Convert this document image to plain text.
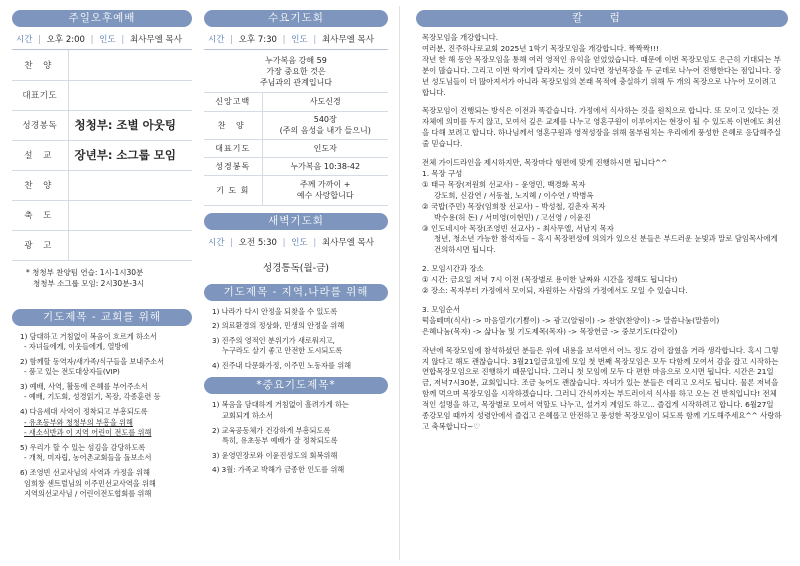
주일오후예배
시간 | 오후 2:00 | 인도 | 최사무엘 목사
찬 양	
대표기도	
성경봉독	청청부: 조별 아웃팅
설 교	장년부: 소그룹 모임
찬 양	
축 도	
광 고	
* 청청부 찬양팀 연습: 1시-1시30분
청청부 소그룹 모임: 2시30분-3시
기도제목 - 교회를 위해
1) 담대하고 거침없이 복음이 흐르게 하소서
- 자녀들에게, 이웃들에게, 열방에
2) 함께할 동역자/새가족/식구들을 보내주소서
- 품고 있는 전도대상자들(VIP)
3) 예배, 사역, 활동에 은혜를 부어주소서
- 예배, 기도회, 성경읽기, 목장, 각종훈련 등
4) 다음세대 사역이 정착되고 부흥되도록
- 유초등부와 청청부의 부흥을 위해
- 새소식반과 이 지역 어린이 전도를 위해
5) 우리가 할 수 있는 섬김을 감당하도록
- 개척, 미자립, 농어촌교회들을 돌보소서
6) 조영빈 선교사님의 사역과 가정을 위해
임희창 센트럴님의 이주민선교사역을 위해
지역의선교사님 / 어린이전도협회를 위해
수요기도회
시간 | 오후 7:30 | 인도 | 최사무엘 목사
누가복음 강해 59
가장 중요한 것은
주님과의 관계입니다
신앙고백	사도신경
찬 양	540장
(주의 음성을 내가 들으니)

대표기도	인도자
성경봉독	누가복음 10:38-42
기 도 회	주께 가까이 +
예수 사랑합니다
새벽기도회
시간 | 오전 5:30 | 인도 | 최사무엘 목사
성경통독(월-금)
기도제목 - 지역,나라를 위해
1) 나라가 다시 안정을 되찾을 수 있도록
2) 의료환경의 정상화, 민생의 안정을 위해
3) 진주의 영적인 분위기가 새로워지고,
누구라도 살기 좋고 안전한 도시되도록
4) 진주내 다문화가정, 이주민 노동자를 위해
*중요기도제목*
1) 복음을 담대하게 거침없이 흘려가게 하는
교회되게 하소서
2) 교육공동체가 건강하게 부흥되도록
특히, 유초등부 예배가 잘 정착되도록
3) 윤영민장로와 이윤진성도의 회복위해
4) 3월: 가족교 박해가 금종한 인도를 위해
칼 럼
목장모임을 개강합니다.
여러분, 진주하나로교회 2025년 1학기 목장모임을 개강합니다. 짝짝짝!!!

작년 한 해 동안 목장모임을 통해 여러 영적인 유익을 얻었었습니다. 때문에 이번 목장모임도 은근히 기대되는 부분이 많습니다. 그리고 이번 학기에 달라지는 것이 있다면 장년목장을 두 군데로 나누어 진행한다는 점입니다. 장년 성도님들이 더 많아져서가 아니라 목장모임의 본래 목적에 충실하기 위해 두 개의 목장으로 나누어 모이려고 합니다.

목장모임이 진행되는 방식은 이전과 똑같습니다. 가정에서 식사하는 것을 원칙으로 합니다. 또 모이고 있다는 것 자체에 의미를 두지 않고, 모여서 깊은 교제를 나누고 영혼구원이 이루어지는 현장이 될 수 있도록 이번에도 최선을 다해 보려고 합니다. 하나님께서 영혼구원과 영적성장을 위해 몸부림치는 우리에게 풍성한 은혜로 응답해주실 줄 믿습니다.

전체 가이드라인을 제시하지만, 목장마다 형편에 맞게 진행하시면 됩니다^^
1. 목장 구성
① 태극 목장(저원희 선교사) – 윤영민, 백경화 목자
강도희, 신감연 / 서동철, 노지혜 / 이수연 / 박병옥
② 국밥(주민) 목장(임희창 선교사) – 박성철, 김춘자 목자
박수용(허 돈) / 서미영(이현민) / 고선영 / 이윤진
③ 인도네시아 목장(조영빈 선교사) – 최사무엘, 서남지 목자

청년, 청소년 가능한 참석자들 – 혹시 목장편성에 의의가 있으신 분들은 부드러운 눈빛과 말로 담임목사에게 건의하시면 됩니다.

2. 모임시간과 장소
① 시간: 금요일 저녁 7시 이전 (목장별로 용이한 날짜와 시간을 정해도 됩니다!)

② 장소: 목자부터 가정에서 모이되, 자원하는 사람의 가정에서도 모일 수 있습니다.

3. 모임순서
떡을떼며(식사) -> 마음열기(기쁨이) -> 광고(알림이) -> 찬양(찬양이) -> 말씀나눔(말씀이)

은혜나눔(목자) -> 삶나눔 및 기도제목(목자) -> 목장헌금 -> 중보기도(다같이)

작년에 목장모임에 참석하셨던 분들은 위에 내용을 보셔면서 어느 정도 감이 잡혔을 거라 생각합니다. 혹시 그렇지 않다고 해도 괜찮습니다. 3월21일금요일에 모일 첫 번째 목장모임은 모두 다함께 모여서 감을 잡고 시작하는 연합목장모임으로 진행하기 때문입니다. 그러니 첫 모임에 모두 다 편한 마음으로 오시면 됩니다. 시간은 21일금, 저녁7시30분, 교회입니다. 조금 늦어도 괜찮습니다. 자녀가 있는 분들은 데리고 오셔도 됩니다. 물론 저녁을 함께 먹으며 목장모임을 시작하겠습니다. 그러니 간식까지는 부드러이셔 식사를 하고 오는 건 반칙입니다! 전체적인 설명을 하고, 목장별로 모여서 역할도 나누고, 설거지 계임도 하고... 즐겁게 시작하려고 합니다. 6월27일 종강모임 때까지 성령안에서 즐겁고 은혜롭고 안전하고 풍성한 목장모임이 되도록 함께 기도해주세요^^ 사랑하고 축복합니다~♡
